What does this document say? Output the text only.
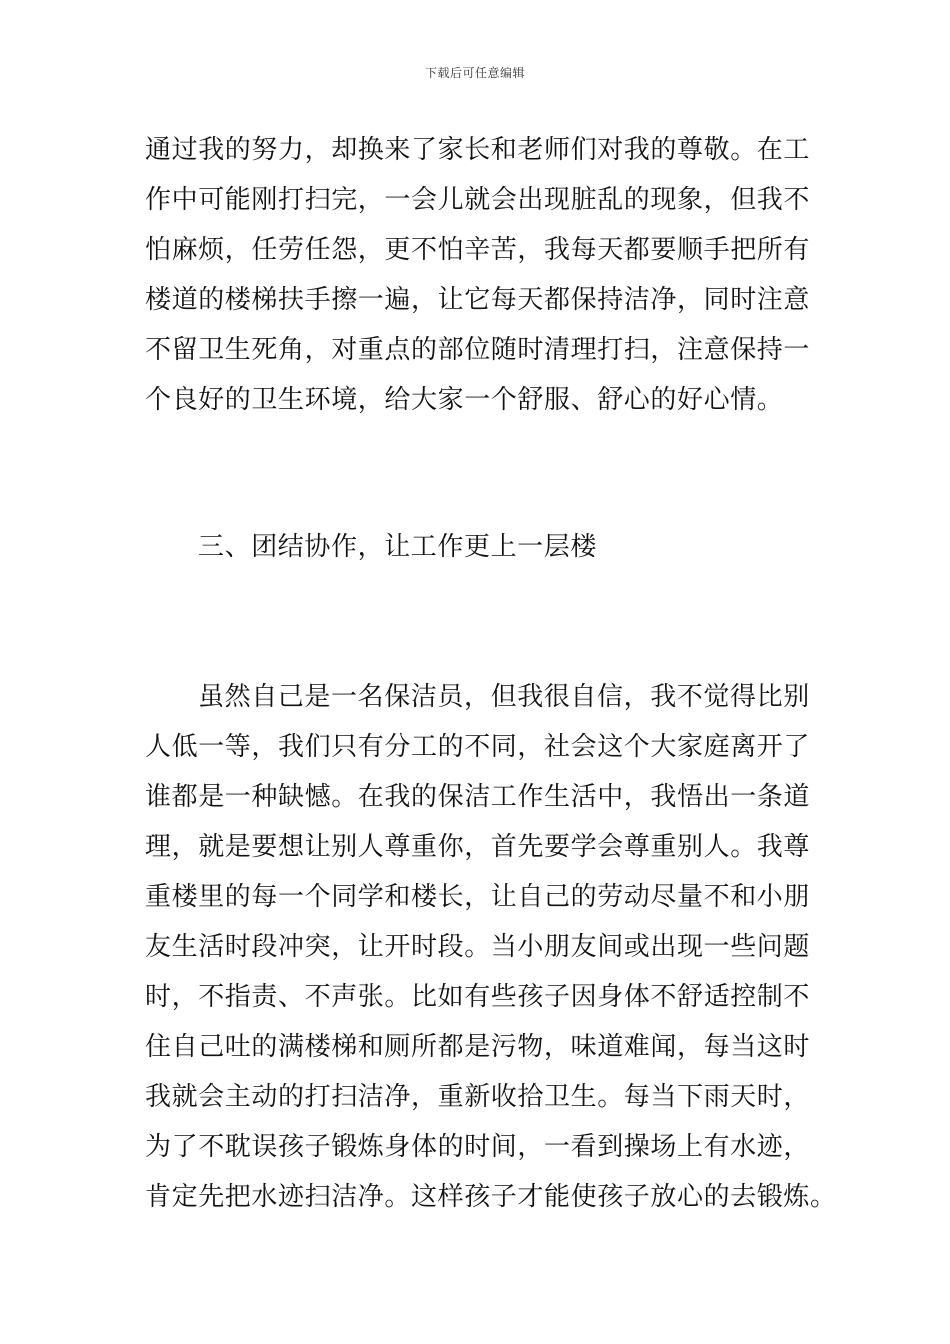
下载后可任意编辑
通过我的努力，却换来了家长和老师们对我的尊敬。在工
作中可能刚打扫完，一会儿就会出现脏乱的现象，但我不
怕麻烦，任劳任怨，更不怕辛苦，我每天都要顺手把所有
楼道的楼梯扶手擦一遍，让它每天都保持洁净，同时注意
不留卫生死角，对重点的部位随时清理打扫，注意保持一
个良好的卫生环境，给大家一个舒服、舒心的好心情。
三、团结协作，让工作更上一层楼
虽然自己是一名保洁员，但我很自信，我不觉得比别
人低一等，我们只有分工的不同，社会这个大家庭离开了
谁都是一种缺憾。在我的保洁工作生活中，我悟出一条道
理，就是要想让别人尊重你，首先要学会尊重别人。我尊
重楼里的每一个同学和楼长，让自己的劳动尽量不和小朋
友生活时段冲突，让开时段。当小朋友间或出现一些问题
时，不指责、不声张。比如有些孩子因身体不舒适控制不
住自己吐的满楼梯和厕所都是污物，味道难闻，每当这时
我就会主动的打扫洁净，重新收拾卫生。每当下雨天时，
为了不耽误孩子锻炼身体的时间，一看到操场上有水迹，
肯定先把水迹扫洁净。这样孩子才能使孩子放心的去锻炼。
